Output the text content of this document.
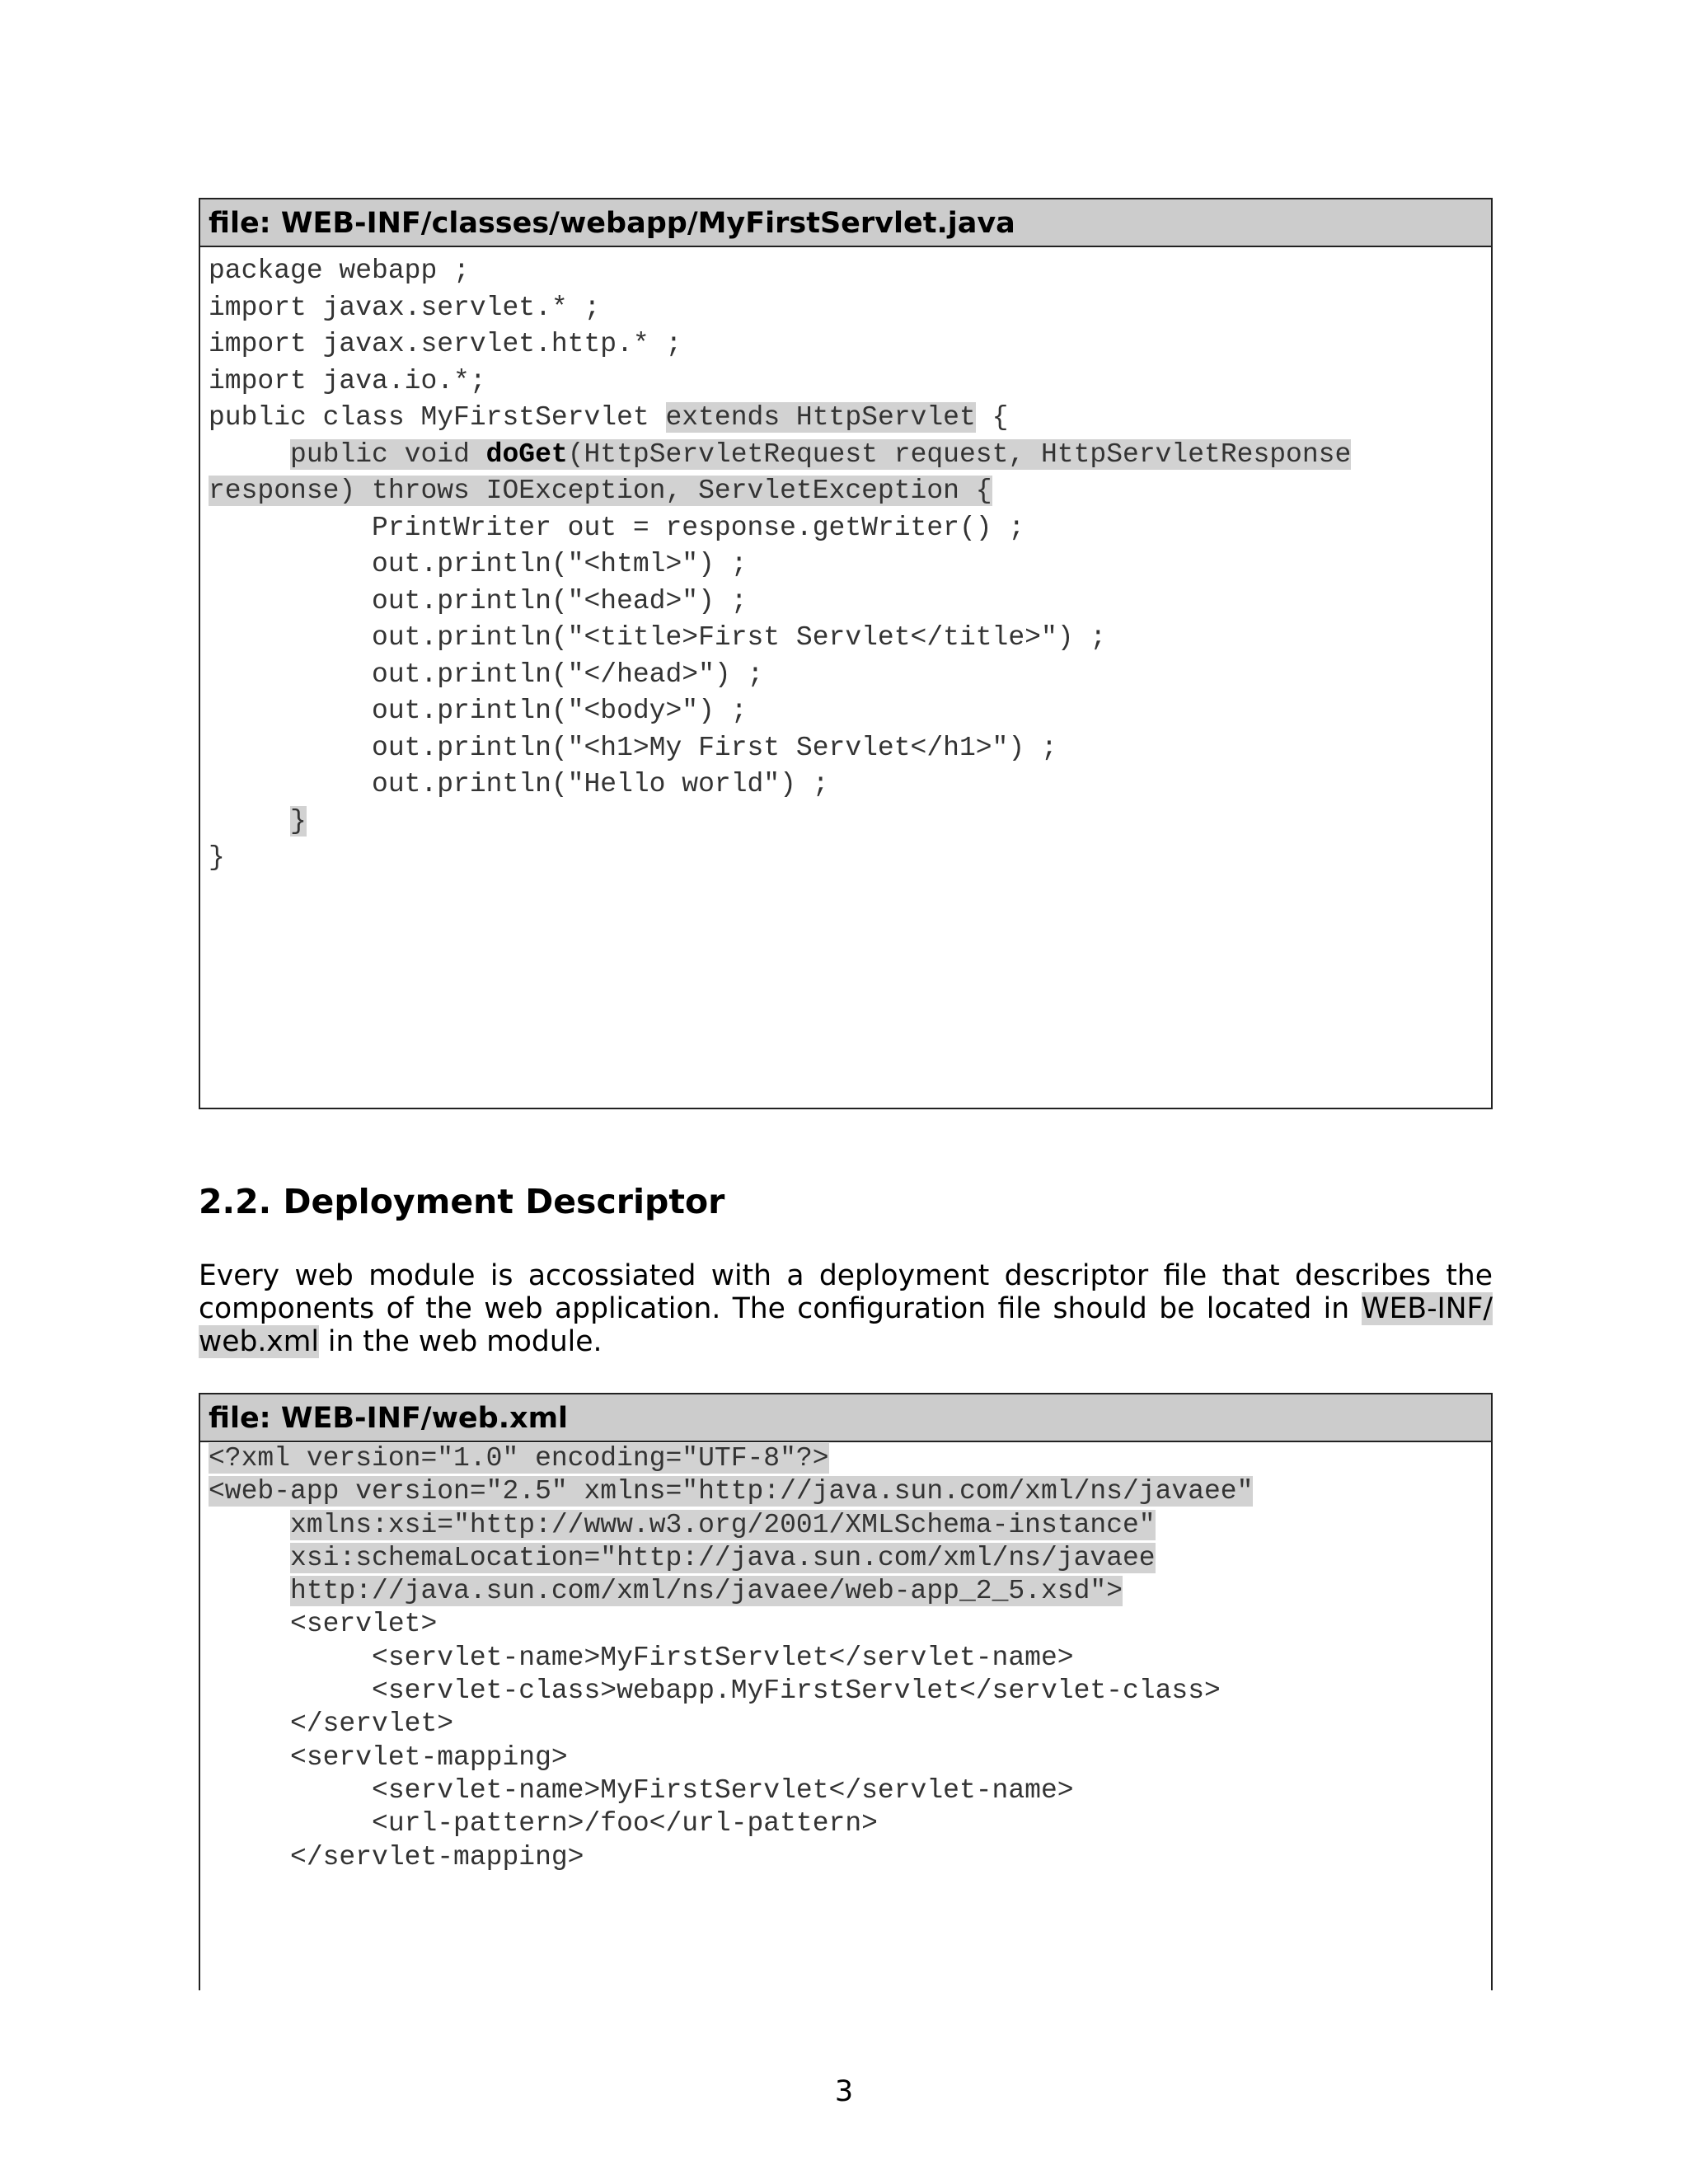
file: WEB-INF/classes/webapp/MyFirstServlet.java
package webapp ;
import javax.servlet.* ;
import javax.servlet.http.* ;
import java.io.*;
public class MyFirstServlet extends HttpServlet {
public void doGet(HttpServletRequest request, HttpServletResponse
response) throws IOException, ServletException {
PrintWriter out = response.getWriter() ;
out.println("<html>") ;
out.println("<head>") ;
out.println("<title>First Servlet</title>") ;
out.println("</head>") ;
out.println("<body>") ;
out.println("<h1>My First Servlet</h1>") ;
out.println("Hello world") ;
}
}
2.2. Deployment Descriptor

Every web module is accossiated with a deployment descriptor file that describes the components of the web application. The configuration file should be located in WEB-INF/ web.xml in the web module.

file: WEB-INF/web.xml
<?xml version="1.0" encoding="UTF-8"?>
<web-app version="2.5" xmlns="http://java.sun.com/xml/ns/javaee"
xmlns:xsi="http://www.w3.org/2001/XMLSchema-instance"
xsi:schemaLocation="http://java.sun.com/xml/ns/javaee
http://java.sun.com/xml/ns/javaee/web-app_2_5.xsd">
<servlet>
<servlet-name>MyFirstServlet</servlet-name>
<servlet-class>webapp.MyFirstServlet</servlet-class>
</servlet>
<servlet-mapping>
<servlet-name>MyFirstServlet</servlet-name>
<url-pattern>/foo</url-pattern>
</servlet-mapping>
3
